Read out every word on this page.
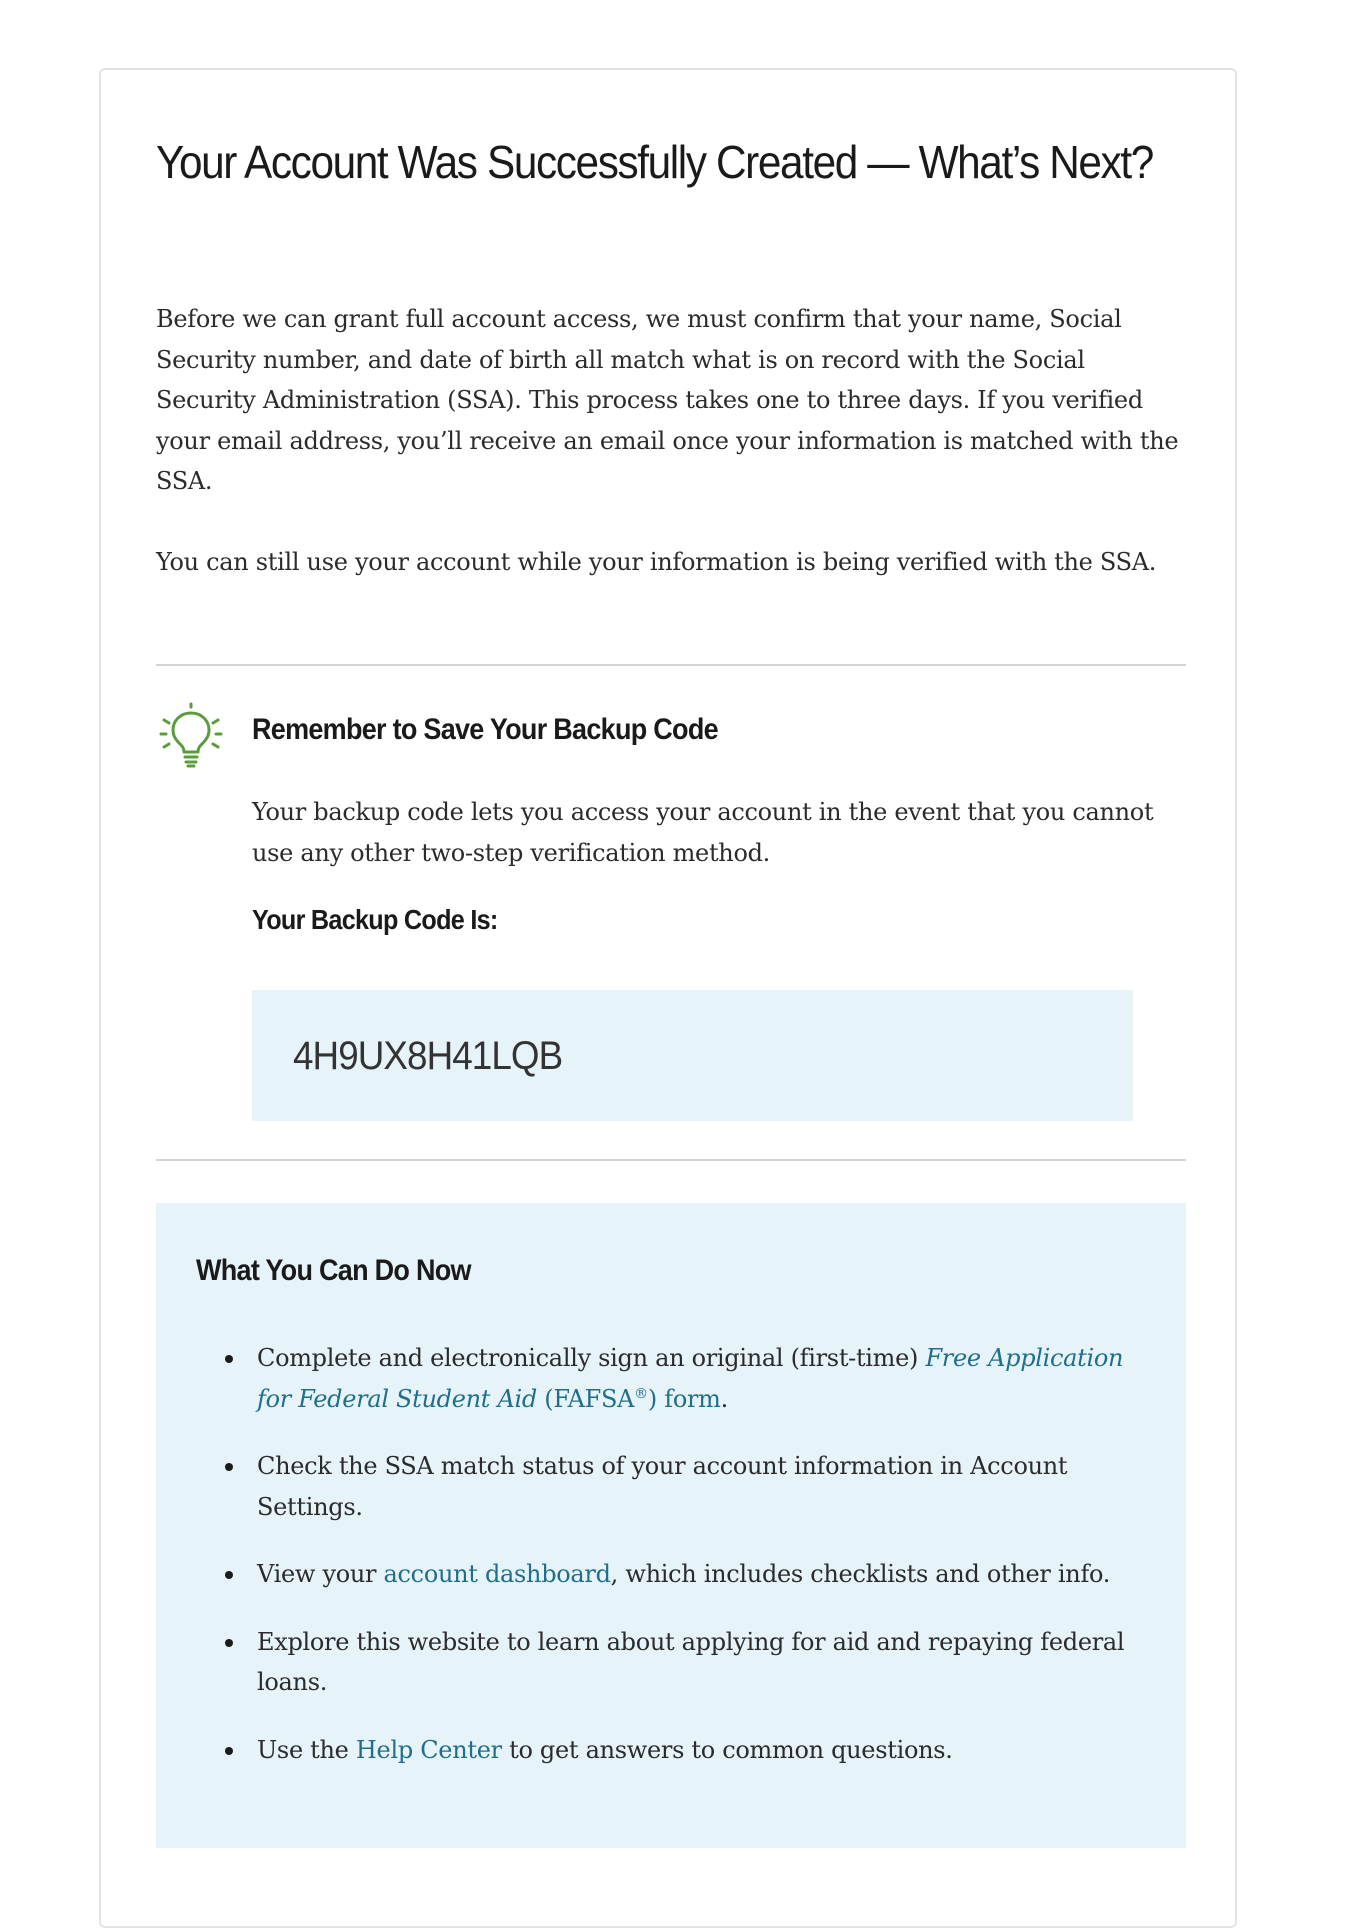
Your Account Was Successfully Created — What’s Next?

Before we can grant full account access, we must confirm that your name, Social Security number, and date of birth all match what is on record with the Social Security Administration (SSA). This process takes one to three days. If you verified your email address, you’ll receive an email once your information is matched with the SSA.

You can still use your account while your information is being verified with the SSA.

Remember to Save Your Backup Code

Your backup code lets you access your account in the event that you cannot use any other two-step verification method.

Your Backup Code Is:
4H9UX8H41LQB
What You Can Do Now
Complete and electronically sign an original (first-time) Free Application for Federal Student Aid (FAFSA®) form.
Check the SSA match status of your account information in Account Settings.
View your account dashboard, which includes checklists and other info.
Explore this website to learn about applying for aid and repaying federal loans.
Use the Help Center to get answers to common questions.
